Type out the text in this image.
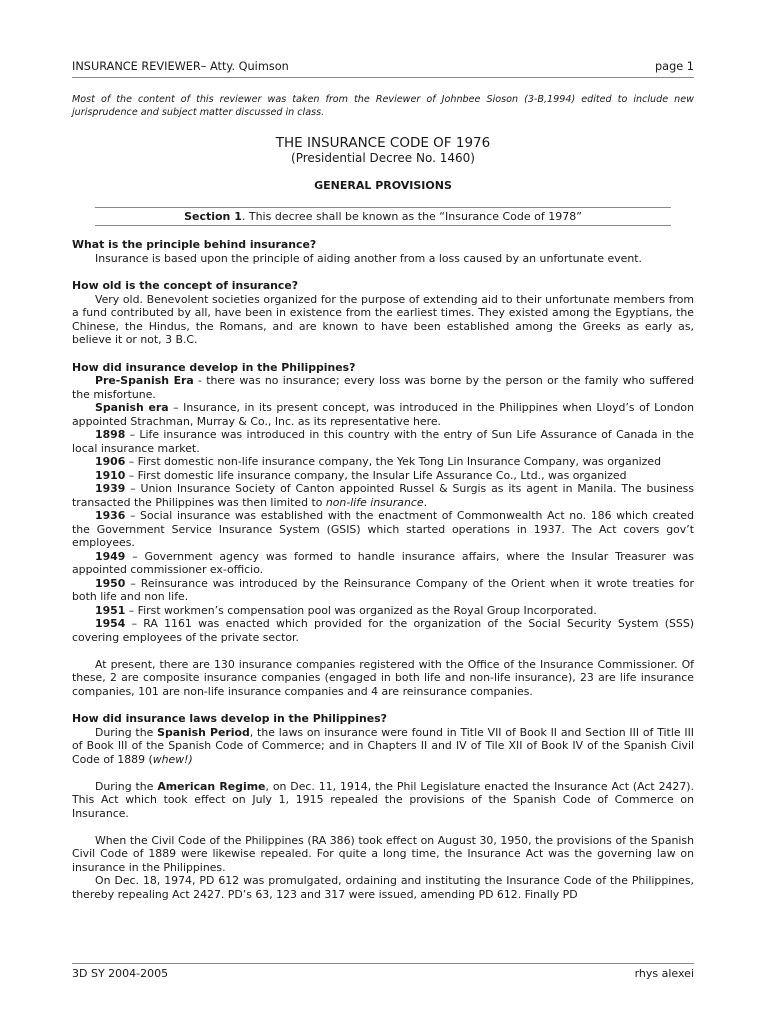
INSURANCE REVIEWER– Atty. Quimson	page 1
Most of the content of this reviewer was taken from the Reviewer of Johnbee Sioson (3-B,1994) edited to include new jurisprudence and subject matter discussed in class.
THE INSURANCE CODE OF 1976
(Presidential Decree No. 1460)
GENERAL PROVISIONS
Section 1. This decree shall be known as the “Insurance Code of 1978”

What is the principle behind insurance?

Insurance is based upon the principle of aiding another from a loss caused by an unfortunate event.

How old is the concept of insurance?

Very old. Benevolent societies organized for the purpose of extending aid to their unfortunate members from a fund contributed by all, have been in existence from the earliest times. They existed among the Egyptians, the Chinese, the Hindus, the Romans, and are known to have been established among the Greeks as early as, believe it or not, 3 B.C.

How did insurance develop in the Philippines?

Pre-Spanish Era - there was no insurance; every loss was borne by the person or the family who suffered the misfortune.

Spanish era – Insurance, in its present concept, was introduced in the Philippines when Lloyd’s of London appointed Strachman, Murray & Co., Inc. as its representative here.

1898 – Life insurance was introduced in this country with the entry of Sun Life Assurance of Canada in the local insurance market.

1906 – First domestic non-life insurance company, the Yek Tong Lin Insurance Company, was organized

1910 – First domestic life insurance company, the Insular Life Assurance Co., Ltd., was organized

1939 – Union Insurance Society of Canton appointed Russel & Surgis as its agent in Manila. The business transacted the Philippines was then limited to non-life insurance.

1936 – Social insurance was established with the enactment of Commonwealth Act no. 186 which created the Government Service Insurance System (GSIS) which started operations in 1937. The Act covers gov’t employees.

1949 – Government agency was formed to handle insurance affairs, where the Insular Treasurer was appointed commissioner ex-officio.

1950 – Reinsurance was introduced by the Reinsurance Company of the Orient when it wrote treaties for both life and non life.

1951 – First workmen’s compensation pool was organized as the Royal Group Incorporated.

1954 – RA 1161 was enacted which provided for the organization of the Social Security System (SSS) covering employees of the private sector.

At present, there are 130 insurance companies registered with the Office of the Insurance Commissioner. Of these, 2 are composite insurance companies (engaged in both life and non-life insurance), 23 are life insurance companies, 101 are non-life insurance companies and 4 are reinsurance companies.

How did insurance laws develop in the Philippines?

During the Spanish Period, the laws on insurance were found in Title VII of Book II and Section III of Title III of Book III of the Spanish Code of Commerce; and in Chapters II and IV of Tile XII of Book IV of the Spanish Civil Code of 1889 (whew!)

During the American Regime, on Dec. 11, 1914, the Phil Legislature enacted the Insurance Act (Act 2427). This Act which took effect on July 1, 1915 repealed the provisions of the Spanish Code of Commerce on Insurance.

When the Civil Code of the Philippines (RA 386) took effect on August 30, 1950, the provisions of the Spanish Civil Code of 1889 were likewise repealed. For quite a long time, the Insurance Act was the governing law on insurance in the Philippines.

On Dec. 18, 1974, PD 612 was promulgated, ordaining and instituting the Insurance Code of the Philippines, thereby repealing Act 2427. PD’s 63, 123 and 317 were issued, amending PD 612. Finally PD

3D SY 2004-2005	rhys alexei
